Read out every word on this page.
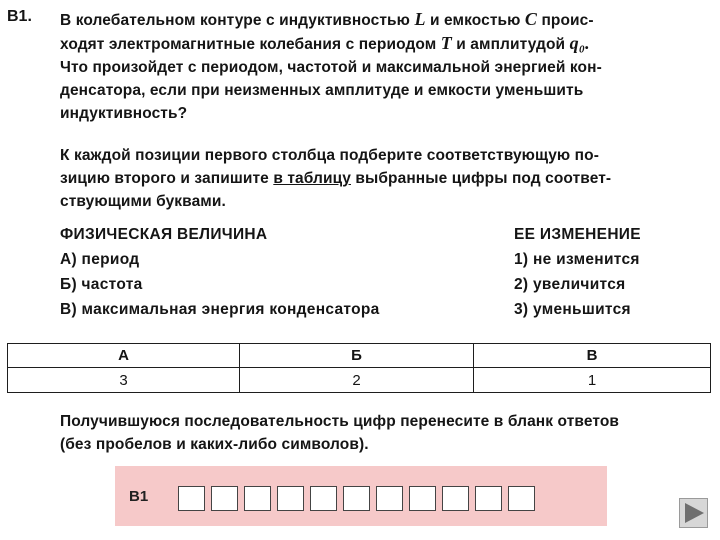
B1. В колебательном контуре с индуктивностью L и емкостью C проис-
ходят электромагнитные колебания с периодом T и амплитудой q₀.
Что произойдет с периодом, частотой и максимальной энергией кон-
денсатора, если при неизменных амплитуде и емкости уменьшить
индуктивность?
К каждой позиции первого столбца подберите соответствующую по-
зицию второго и запишите в таблицу выбранные цифры под соответ-
ствующими буквами.
ФИЗИЧЕСКАЯ ВЕЛИЧИНА
А) период
Б) частота
В) максимальная энергия конденсатора
ЕЕ ИЗМЕНЕНИЕ
1) не изменится
2) увеличится
3) уменьшится
А	Б	В
3	2	1
Получившуюся последовательность цифр перенесите в бланк ответов
(без пробелов и каких-либо символов).
В1
